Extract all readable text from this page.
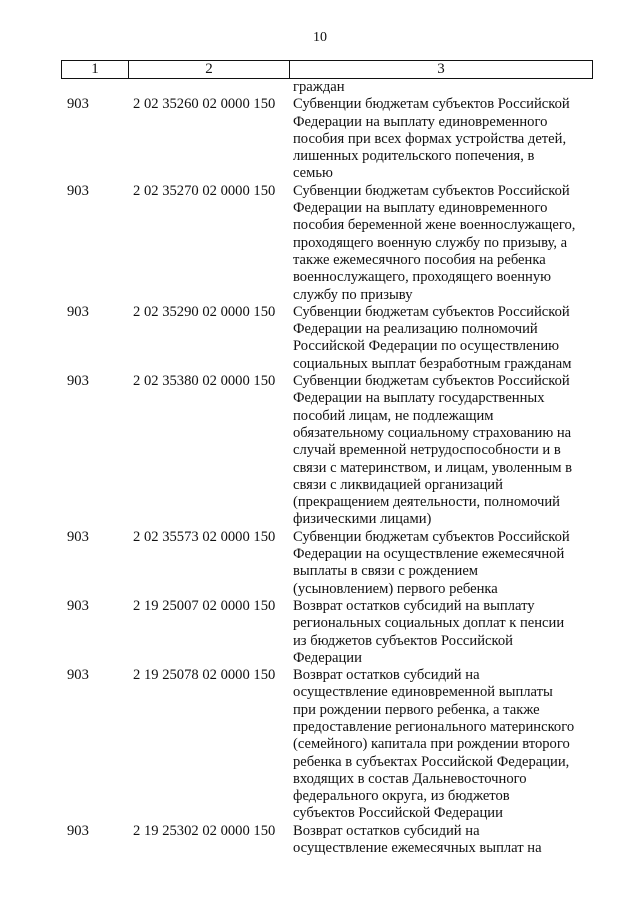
10
1	2	3
граждан
903	2 02 35260 02 0000 150 Субвенции бюджетам субъектов Российской
Федерации на выплату единовременного
пособия при всех формах устройства детей,
лишенных родительского попечения, в
семью
903	2 02 35270 02 0000 150 Субвенции бюджетам субъектов Российской
Федерации на выплату единовременного
пособия беременной жене военнослужащего,
проходящего военную службу по призыву, а
также ежемесячного пособия на ребенка
военнослужащего, проходящего военную
службу по призыву
903	2 02 35290 02 0000 150 Субвенции бюджетам субъектов Российской
Федерации на реализацию полномочий
Российской Федерации по осуществлению
социальных выплат безработным гражданам
903	2 02 35380 02 0000 150 Субвенции бюджетам субъектов Российской
Федерации на выплату государственных
пособий лицам, не подлежащим
обязательному социальному страхованию на
случай временной нетрудоспособности и в
связи с материнством, и лицам, уволенным в
связи с ликвидацией организаций
(прекращением деятельности, полномочий
физическими лицами)
903	2 02 35573 02 0000 150 Субвенции бюджетам субъектов Российской
Федерации на осуществление ежемесячной
выплаты в связи с рождением
(усыновлением) первого ребенка
903	2 19 25007 02 0000 150 Возврат остатков субсидий на выплату
региональных социальных доплат к пенсии
из бюджетов субъектов Российской
Федерации
903	2 19 25078 02 0000 150 Возврат остатков субсидий на
осуществление единовременной выплаты
при рождении первого ребенка, а также
предоставление регионального материнского
(семейного) капитала при рождении второго
ребенка в субъектах Российской Федерации,
входящих в состав Дальневосточного
федерального округа, из бюджетов
субъектов Российской Федерации
903	2 19 25302 02 0000 150 Возврат остатков субсидий на
осуществление ежемесячных выплат на
